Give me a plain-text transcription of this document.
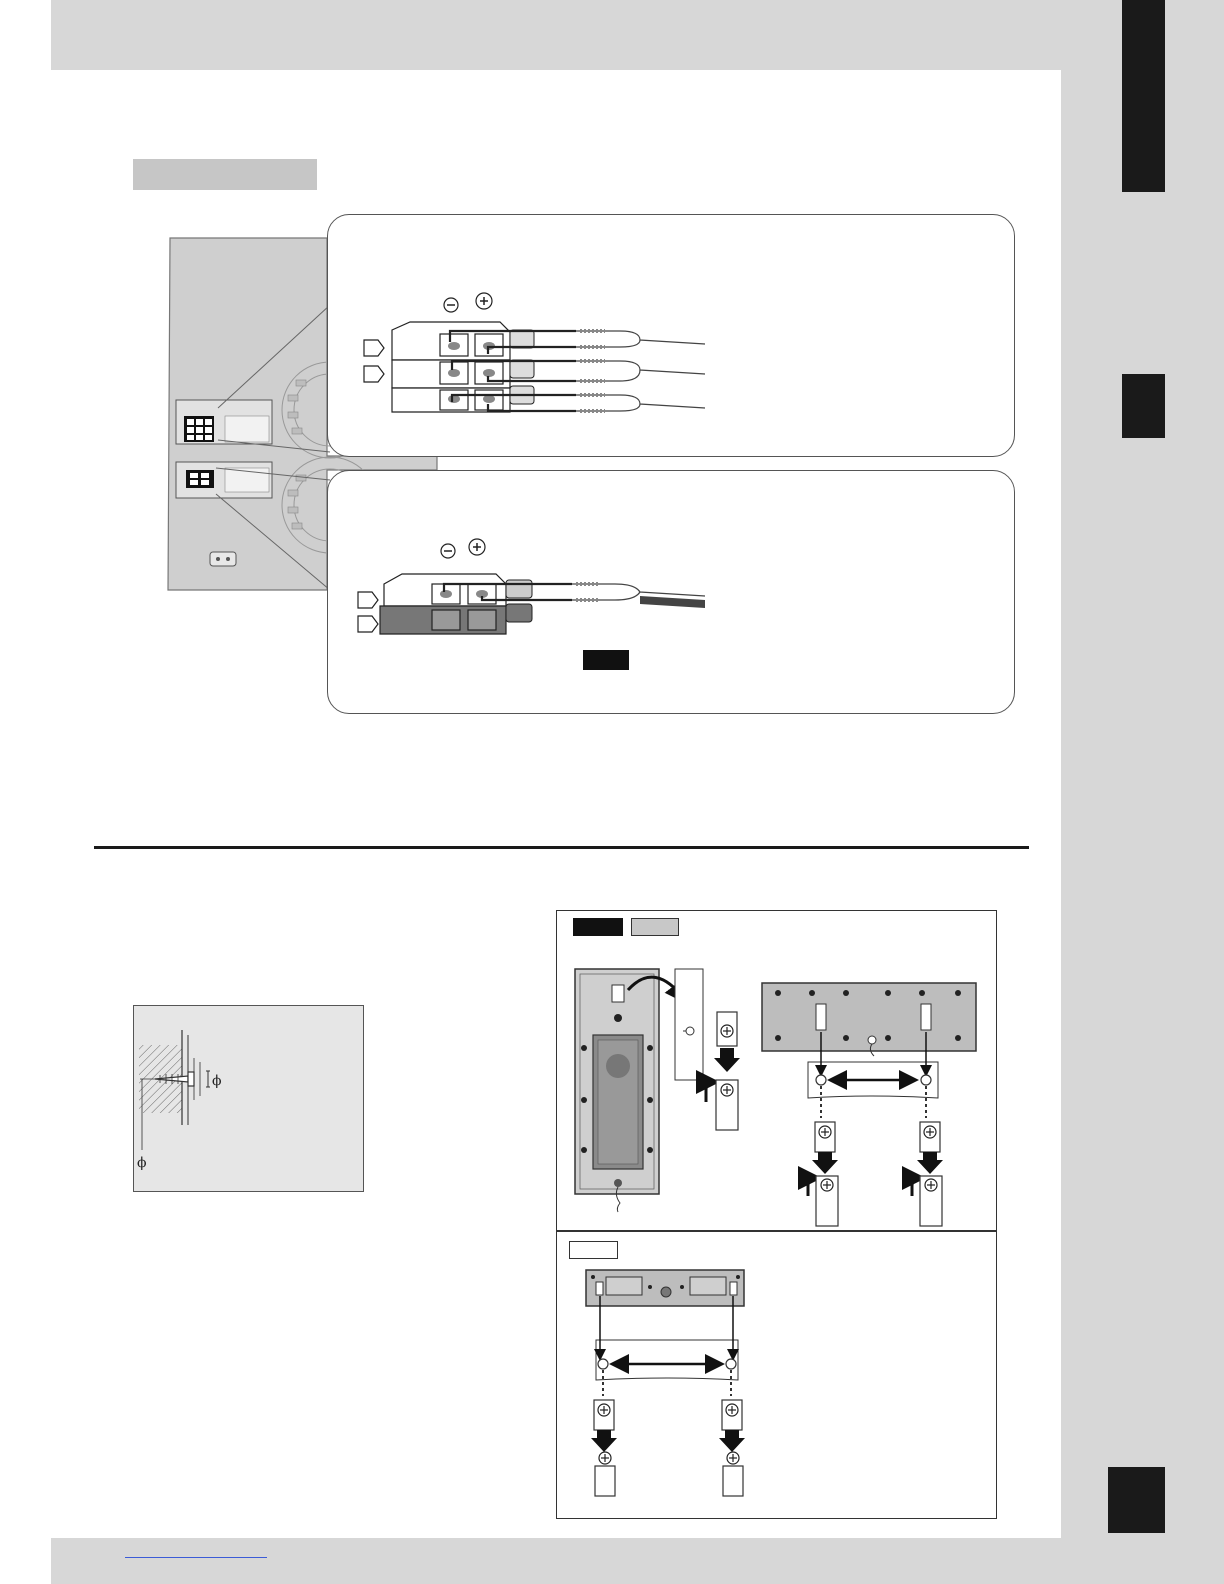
ϕ
ϕ
